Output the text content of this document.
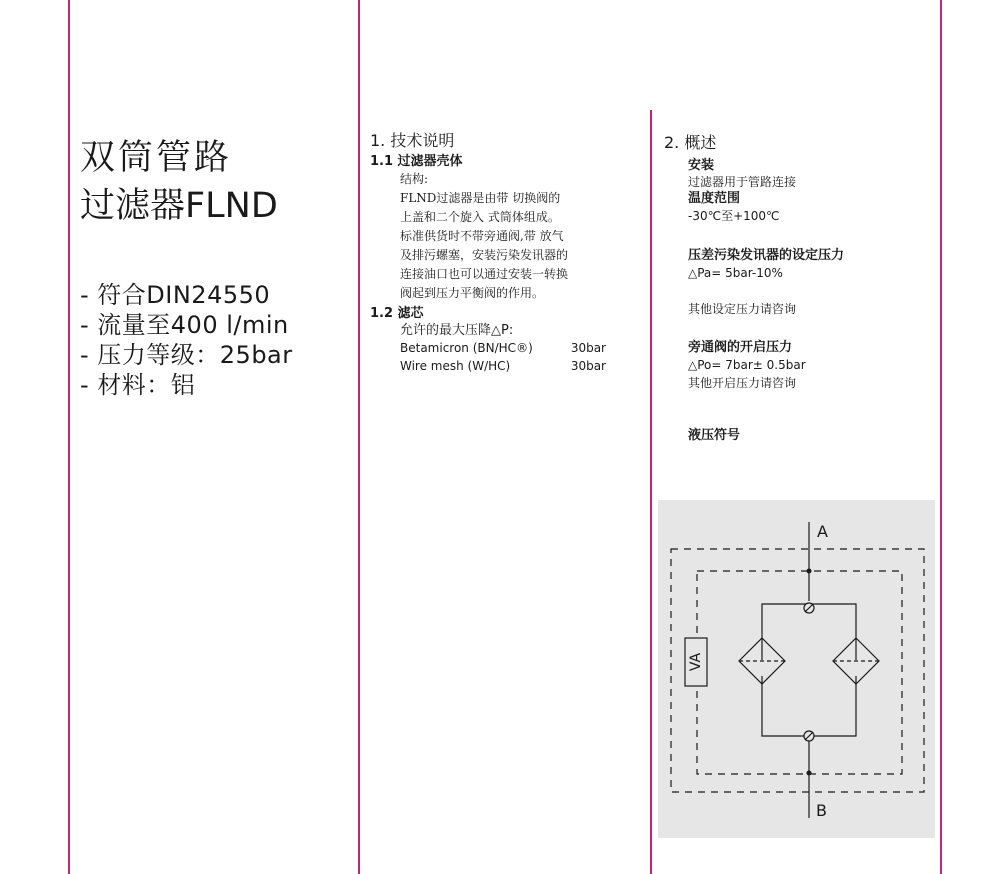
双筒管路
过滤器FLND
- 符合DIN24550
- 流量至400 l/min
- 压力等级：25bar
- 材料：铝
1. 技术说明
1.1 过滤器壳体
结构:
FLND过滤器是由带 切换阀的
上盖和二个旋入 式筒体组成。
标准供货时不带旁通阀,带 放气
及排污螺塞，安装污染发讯器的
连接油口也可以通过安装一转换
阀起到压力平衡阀的作用。
1.2 滤芯
允许的最大压降△P:
Betamicron (BN/HC®)	30bar
Wire mesh (W/HC)	30bar
2. 概述
安装
过滤器用于管路连接
温度范围
-30℃至+100℃
压差污染发讯器的设定压力
△Pa= 5bar-10%
其他设定压力请咨询
旁通阀的开启压力
△Po= 7bar± 0.5bar
其他开启压力请咨询
液压符号
A
B
VA
